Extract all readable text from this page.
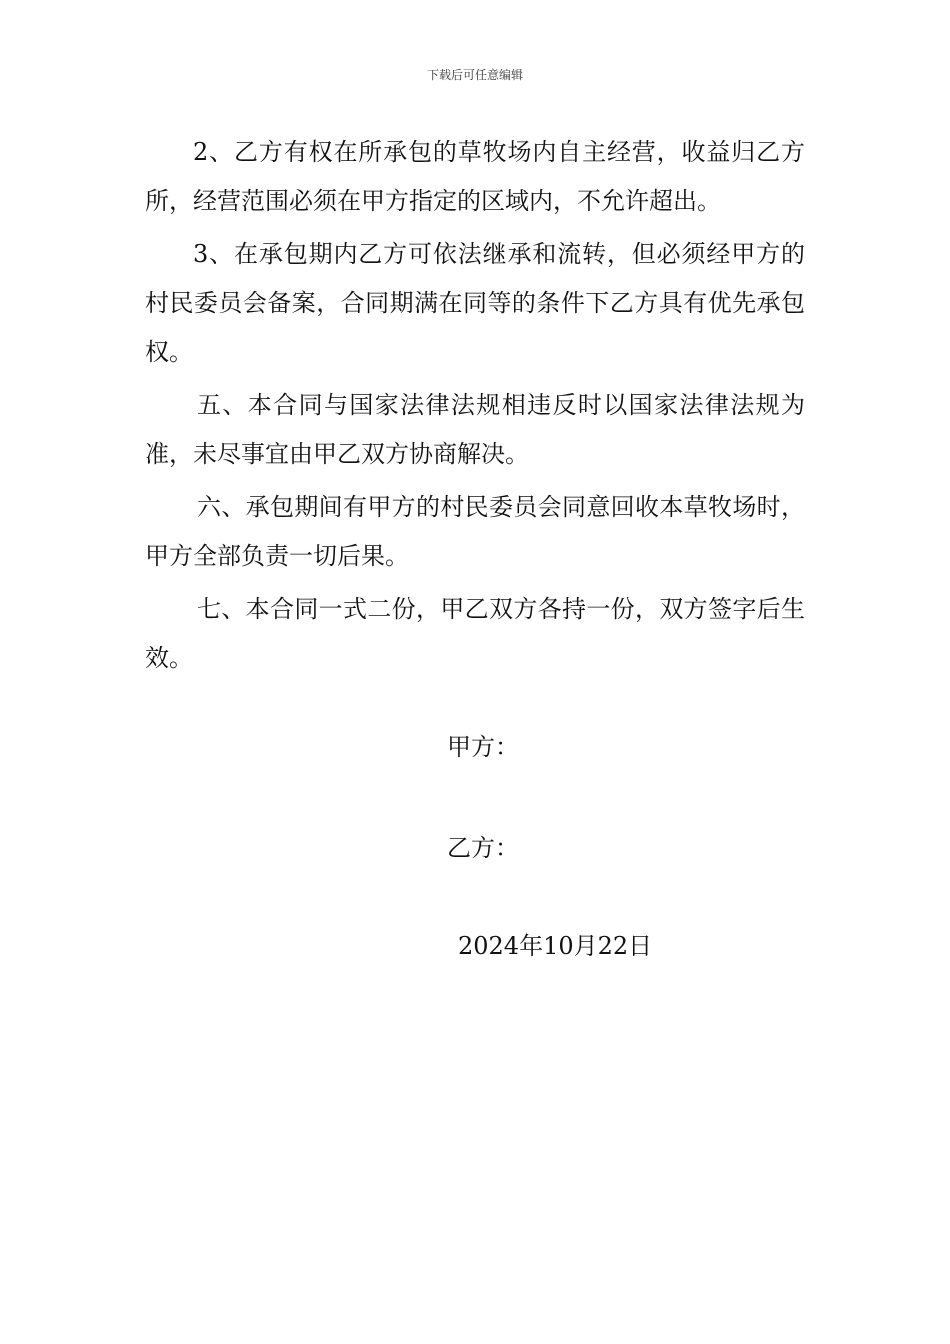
下载后可任意编辑

2、乙方有权在所承包的草牧场内自主经营，收益归乙方所，经营范围必须在甲方指定的区域内，不允许超出。

3、在承包期内乙方可依法继承和流转，但必须经甲方的村民委员会备案，合同期满在同等的条件下乙方具有优先承包权。

五、本合同与国家法律法规相违反时以国家法律法规为准，未尽事宜由甲乙双方协商解决。

六、承包期间有甲方的村民委员会同意回收本草牧场时，甲方全部负责一切后果。

七、本合同一式二份，甲乙双方各持一份，双方签字后生效。

甲方：
乙方：
2024年10月22日
